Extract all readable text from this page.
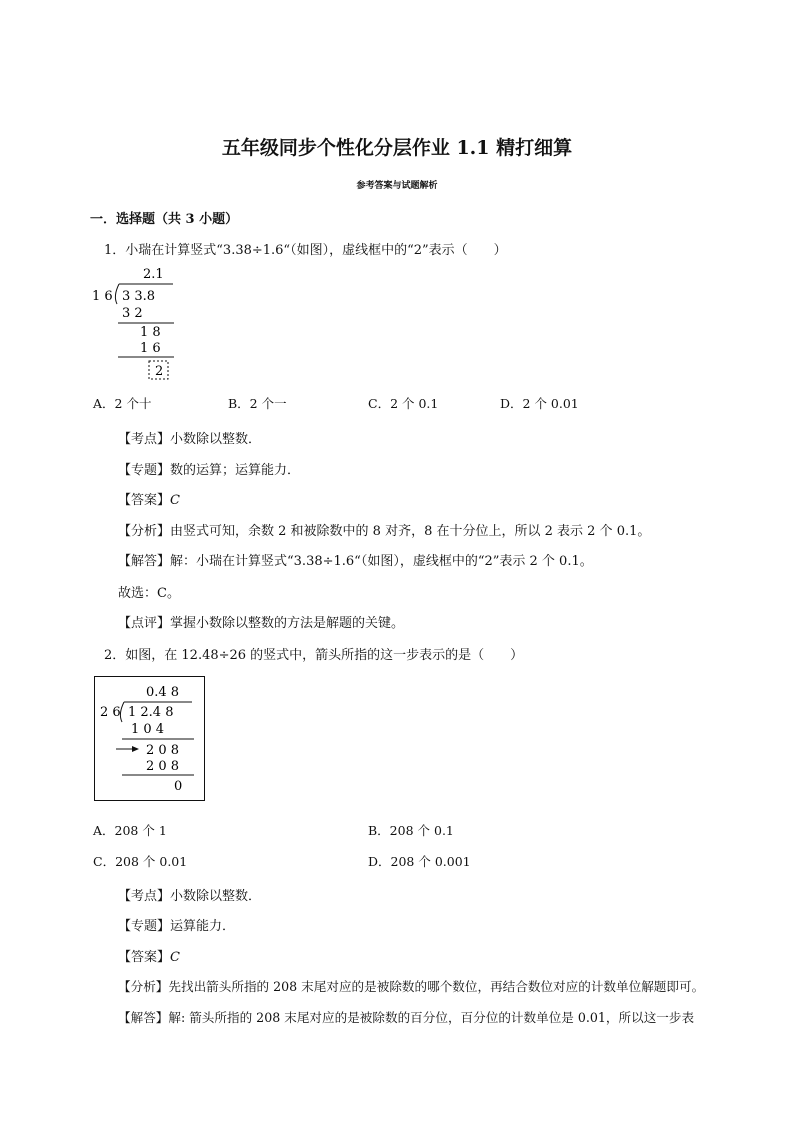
五年级同步个性化分层作业 1.1 精打细算
参考答案与试题解析
一．选择题（共 3 小题）
1．小瑞在计算竖式“3.38÷1.6“（如图），虚线框中的“2”表示（　　）
2.1
1 6 3 3.8
3 2
1 8
1 6
2
A．2 个十	B．2 个一	C．2 个 0.1	D．2 个 0.01
【考点】小数除以整数．
【专题】数的运算；运算能力．
【答案】C
【分析】由竖式可知，余数 2 和被除数中的 8 对齐，8 在十分位上，所以 2 表示 2 个 0.1。
【解答】解：小瑞在计算竖式“3.38÷1.6“（如图），虚线框中的“2”表示 2 个 0.1。
故选：C。
【点评】掌握小数除以整数的方法是解题的关键。
2．如图，在 12.48÷26 的竖式中，箭头所指的这一步表示的是（　　）
0.4 8
2 6 1 2.4 8
1 0 4
2 0 8
2 0 8
0
A．208 个 1	B．208 个 0.1
C．208 个 0.01	D．208 个 0.001
【考点】小数除以整数．
【专题】运算能力．
【答案】C
【分析】先找出箭头所指的 208 末尾对应的是被除数的哪个数位，再结合数位对应的计数单位解题即可。
【解答】解: 箭头所指的 208 末尾对应的是被除数的百分位，百分位的计数单位是 0.01，所以这一步表
